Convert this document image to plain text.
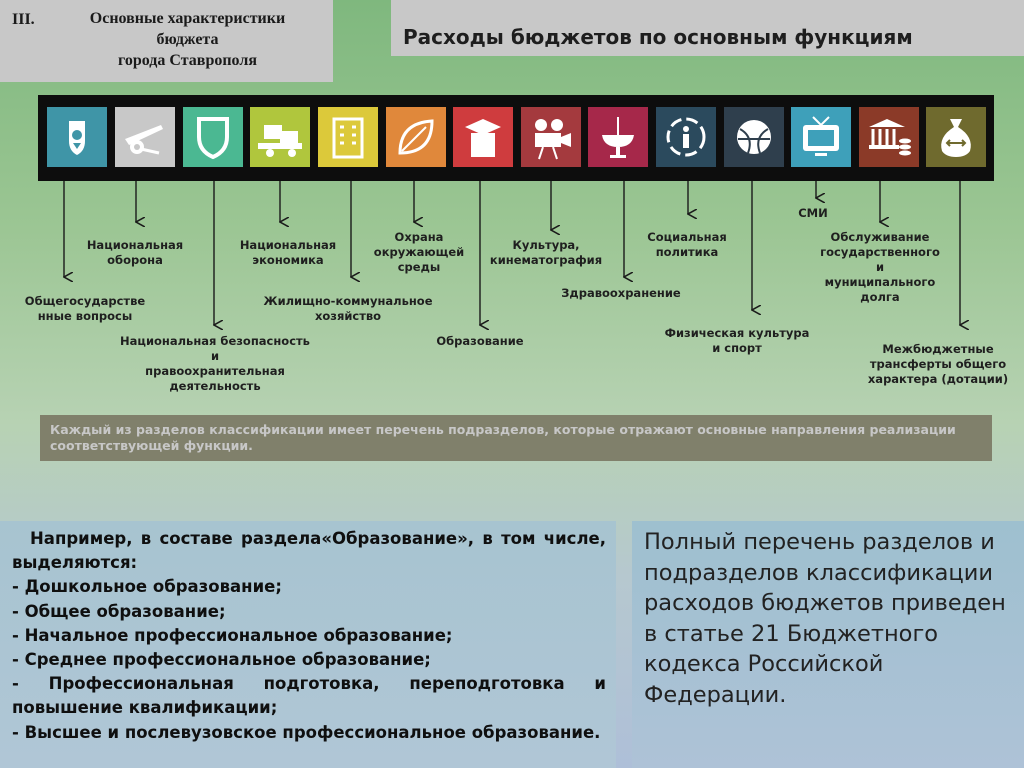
III.	Основные характеристики
бюджета
города Ставрополя
Расходы бюджетов по основным функциям
Общегосударстве
нные вопросы
Национальная
оборона
Национальная безопасность
и
правоохранительная
деятельность
Национальная
экономика
Жилищно-коммунальное
хозяйство
Охрана
окружающей
среды
Образование
Культура,
кинематография
Здравоохранение
Социальная
политика
Физическая культура
и спорт
СМИ
Обслуживание
государственного
и
муниципального
долга
Межбюджетные
трансферты общего
характера (дотации)
Каждый из разделов классификации имеет перечень подразделов, которые отражают основные направления реализации соответствующей функции.
Например, в составе раздела«Образование», в том числе, выделяются:
- Дошкольное образование;
- Общее образование;
- Начальное профессиональное образование;
- Среднее профессиональное образование;
- Профессиональная подготовка, переподготовка и повышение квалификации;
- Высшее и послевузовское профессиональное образование.
Полный перечень разделов и подразделов классификации расходов бюджетов приведен в статье 21 Бюджетного кодекса Российской Федерации.
